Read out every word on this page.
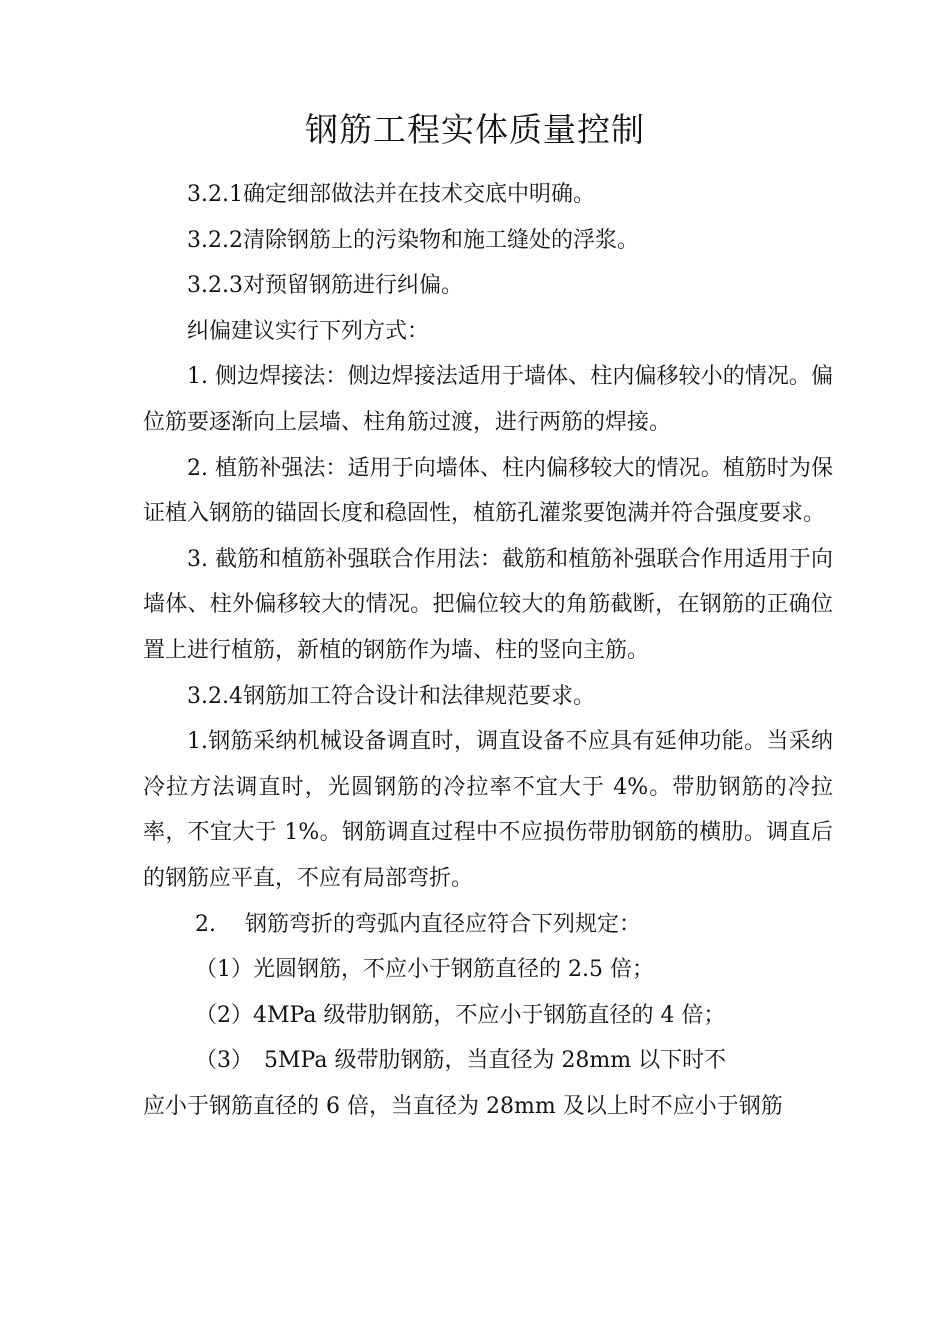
钢筋工程实体质量控制

3.2.1确定细部做法并在技术交底中明确。

3.2.2清除钢筋上的污染物和施工缝处的浮浆。

3.2.3对预留钢筋进行纠偏。

纠偏建议实行下列方式：

1. 侧边焊接法：侧边焊接法适用于墙体、柱内偏移较小的情况。偏位筋要逐渐向上层墙、柱角筋过渡，进行两筋的焊接。

2. 植筋补强法：适用于向墙体、柱内偏移较大的情况。植筋时为保证植入钢筋的锚固长度和稳固性，植筋孔灌浆要饱满并符合强度要求。

3. 截筋和植筋补强联合作用法：截筋和植筋补强联合作用适用于向墙体、柱外偏移较大的情况。把偏位较大的角筋截断，在钢筋的正确位置上进行植筋，新植的钢筋作为墙、柱的竖向主筋。

3.2.4钢筋加工符合设计和法律规范要求。

1.钢筋采纳机械设备调直时，调直设备不应具有延伸功能。当采纳冷拉方法调直时，光圆钢筋的冷拉率不宜大于 4%。带肋钢筋的冷拉率，不宜大于 1%。钢筋调直过程中不应损伤带肋钢筋的横肋。调直后的钢筋应平直，不应有局部弯折。

2.　 钢筋弯折的弯弧内直径应符合下列规定：

（1）光圆钢筋，不应小于钢筋直径的 2.5 倍；

（2）4MPa 级带肋钢筋，不应小于钢筋直径的 4 倍；

（3）　5MPa 级带肋钢筋，当直径为 28mm 以下时不

应小于钢筋直径的 6 倍，当直径为 28mm 及以上时不应小于钢筋
